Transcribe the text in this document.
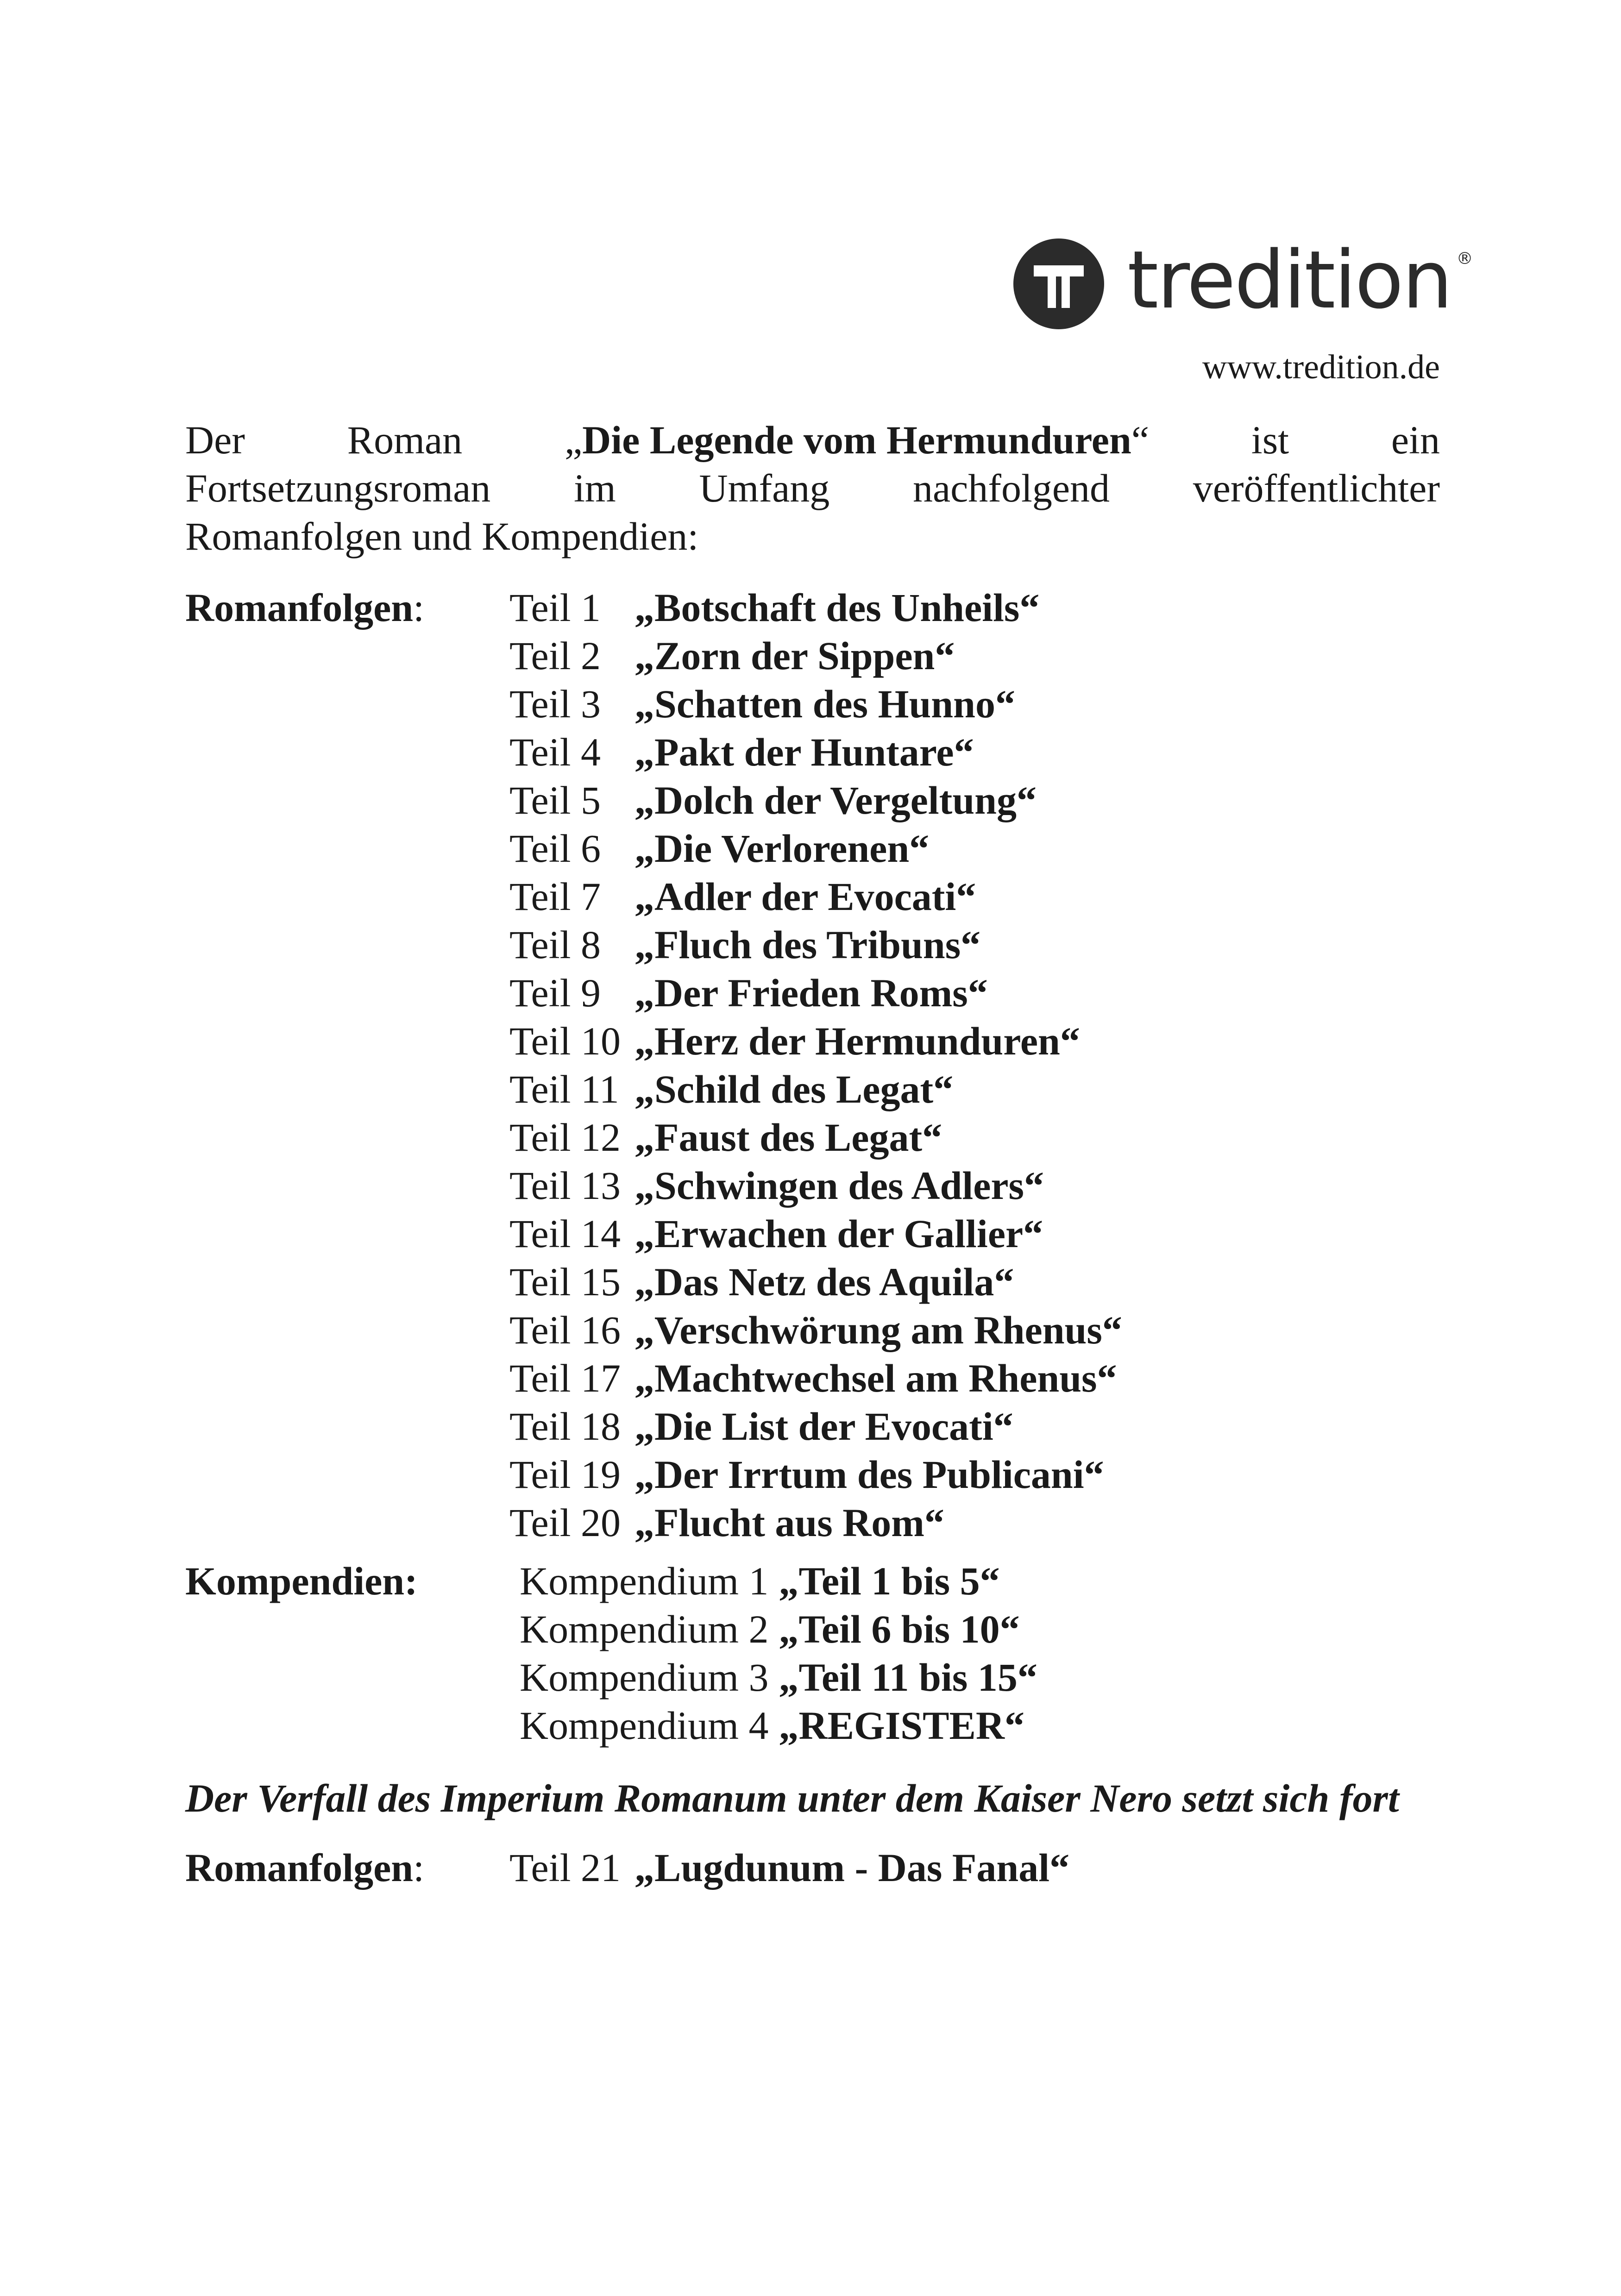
tredition ®
www.tredition.de
Der	Roman	„Die Legende vom Hermunduren“	ist	ein
Fortsetzungsroman im Umfang nachfolgend veröffentlichter
Romanfolgen und Kompendien:
Romanfolgen: Teil 1 „Botschaft des Unheils“
Teil 2 „Zorn der Sippen“
Teil 3 „Schatten des Hunno“
Teil 4 „Pakt der Huntare“
Teil 5 „Dolch der Vergeltung“
Teil 6 „Die Verlorenen“
Teil 7 „Adler der Evocati“
Teil 8 „Fluch des Tribuns“
Teil 9 „Der Frieden Roms“
Teil 10 „Herz der Hermunduren“
Teil 11 „Schild des Legat“
Teil 12 „Faust des Legat“
Teil 13 „Schwingen des Adlers“
Teil 14 „Erwachen der Gallier“
Teil 15 „Das Netz des Aquila“
Teil 16 „Verschwörung am Rhenus“
Teil 17 „Machtwechsel am Rhenus“
Teil 18 „Die List der Evocati“
Teil 19 „Der Irrtum des Publicani“
Teil 20 „Flucht aus Rom“
Kompendien:	Kompendium 1 „Teil 1 bis 5“
Kompendium 2 „Teil 6 bis 10“
Kompendium 3 „Teil 11 bis 15“
Kompendium 4 „REGISTER“
Der Verfall des Imperium Romanum unter dem Kaiser Nero setzt sich fort
Romanfolgen: Teil 21 „Lugdunum - Das Fanal“
